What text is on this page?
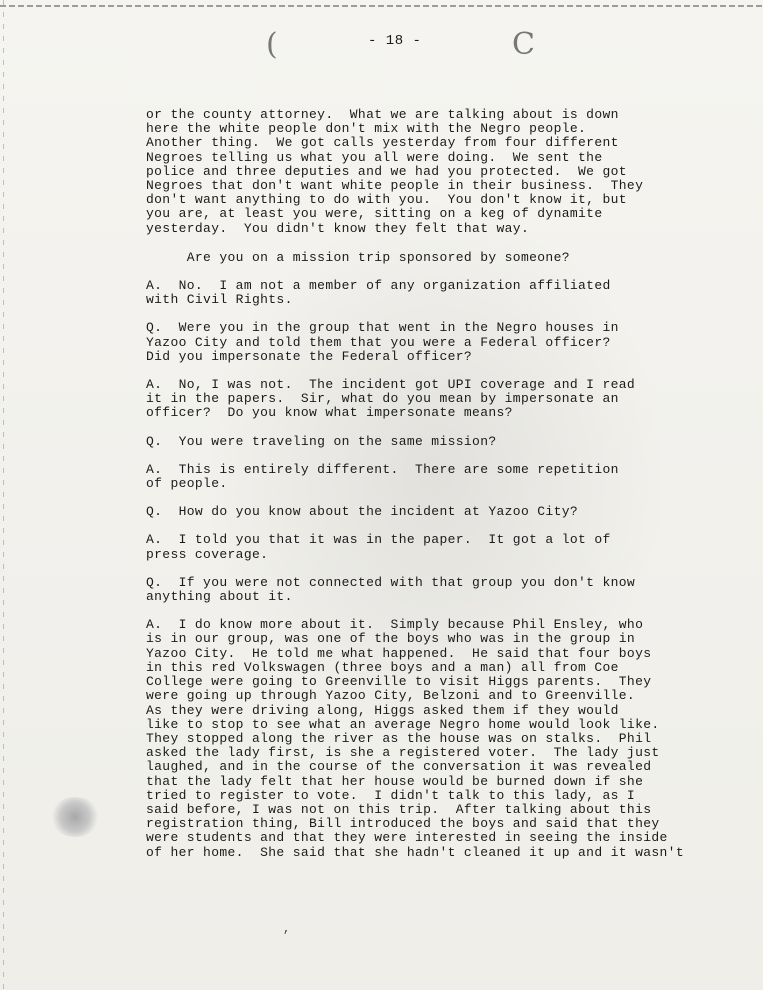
(	C
- 18 -
or the county attorney.  What we are talking about is down
here the white people don't mix with the Negro people.
Another thing.  We got calls yesterday from four different
Negroes telling us what you all were doing.  We sent the
police and three deputies and we had you protected.  We got
Negroes that don't want white people in their business.  They
don't want anything to do with you.  You don't know it, but
you are, at least you were, sitting on a keg of dynamite
yesterday.  You didn't know they felt that way.
Are you on a mission trip sponsored by someone?
A.  No.  I am not a member of any organization affiliated
with Civil Rights.
Q.  Were you in the group that went in the Negro houses in
Yazoo City and told them that you were a Federal officer?
Did you impersonate the Federal officer?
A.  No, I was not.  The incident got UPI coverage and I read
it in the papers.  Sir, what do you mean by impersonate an
officer?  Do you know what impersonate means?
Q.  You were traveling on the same mission?
A.  This is entirely different.  There are some repetition
of people.
Q.  How do you know about the incident at Yazoo City?
A.  I told you that it was in the paper.  It got a lot of
press coverage.
Q.  If you were not connected with that group you don't know
anything about it.
A.  I do know more about it.  Simply because Phil Ensley, who
is in our group, was one of the boys who was in the group in
Yazoo City.  He told me what happened.  He said that four boys
in this red Volkswagen (three boys and a man) all from Coe
College were going to Greenville to visit Higgs parents.  They
were going up through Yazoo City, Belzoni and to Greenville.
As they were driving along, Higgs asked them if they would
like to stop to see what an average Negro home would look like.
They stopped along the river as the house was on stalks.  Phil
asked the lady first, is she a registered voter.  The lady just
laughed, and in the course of the conversation it was revealed
that the lady felt that her house would be burned down if she
tried to register to vote.  I didn't talk to this lady, as I
said before, I was not on this trip.  After talking about this
registration thing, Bill introduced the boys and said that they
were students and that they were interested in seeing the inside
of her home.  She said that she hadn't cleaned it up and it wasn't
,
